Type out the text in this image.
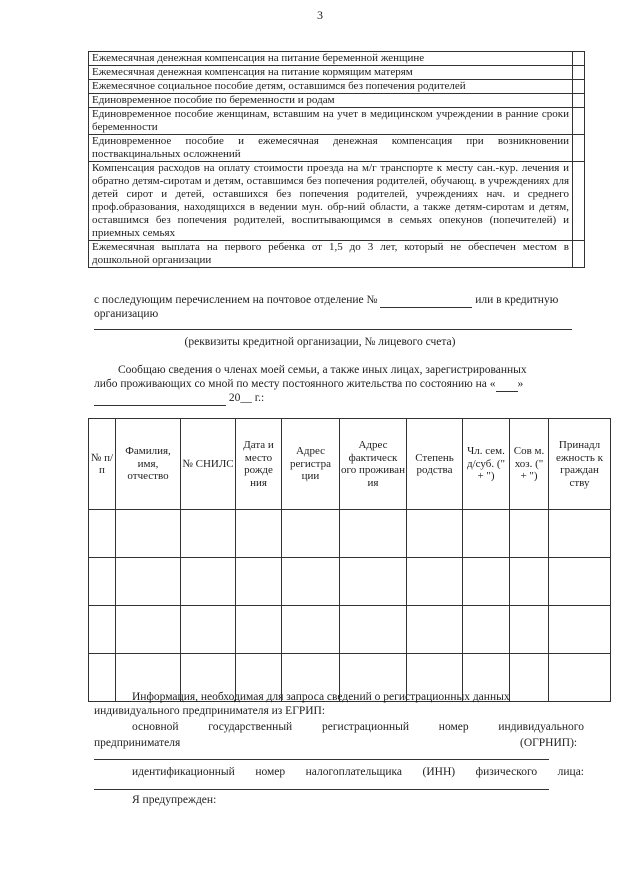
3
Ежемесячная денежная компенсация на питание беременной женщине	
Ежемесячная денежная компенсация на питание кормящим матерям	
Ежемесячное социальное пособие детям, оставшимся без попечения родителей	
Единовременное пособие по беременности и родам	
Единовременное пособие женщинам, вставшим на учет в медицинском учреждении в ранние сроки беременности	
Единовременное пособие и ежемесячная денежная компенсация при возникновении поствакцинальных осложнений	
Компенсация расходов на оплату стоимости проезда на м/г транспорте к месту сан.-кур. лечения и обратно детям-сиротам и детям, оставшимся без попечения родителей, обучающ. в учреждениях для детей сирот и детей, оставшихся без попечения родителей, учреждениях нач. и среднего проф.образования, находящихся в ведении мун. обр-ний области, а также детям-сиротам и детям, оставшимся без попечения родителей, воспитывающимся в семьях опекунов (попечителей) и приемных семьях	
Ежемесячная выплата на первого ребенка от 1,5 до 3 лет, который не обеспечен местом в дошкольной организации	
с последующим перечислением на почтовое отделение №	или в кредитную
организацию
(реквизиты кредитной организации, № лицевого счета)
Сообщаю сведения о членах моей семьи, а также иных лицах, зарегистрированных
либо проживающих со мной по месту постоянного жительства по состоянию на « »
20__ г.:
№ п/п	Фамилия, имя, отчество	№ СНИЛС	Дата и место рожде ния	Адрес регистра ции	Адрес фактическ ого проживан ия	Степень родства	Чл. сем. д/суб. (" + ")	Сов м. хоз. (" + ")	Принадл ежность к граждан ству

Информация, необходимая для запроса сведений о регистрационных данных
индивидуального предпринимателя из ЕГРИП:
основной государственный регистрационный номер индивидуального
предпринимателя	(ОГРНИП):
идентификационный номер налогоплательщика (ИНН) физического лица:
Я предупрежден:
